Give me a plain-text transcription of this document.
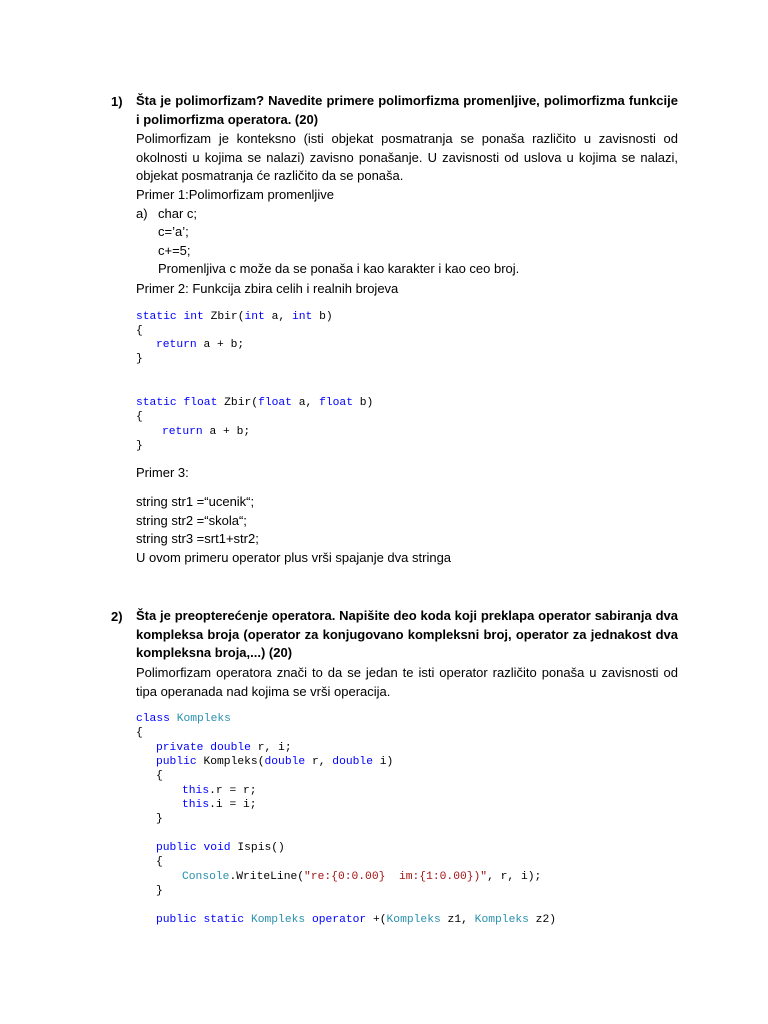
1) Šta je polimorfizam? Navedite primere polimorfizma promenljive, polimorfizma funkcije i polimorfizma operatora. (20)
Polimorfizam je konteksno (isti objekat posmatranja se ponaša različito u zavisnosti od okolnosti u kojima se nalazi) zavisno ponašanje. U zavisnosti od uslova u kojima se nalazi, objekat posmatranja će različito da se ponaša.
Primer 1:Polimorfizam promenljive
a) char c;
c=’a’;
c+=5;
Promenljiva c može da se ponaša i kao karakter i kao ceo broj.
Primer 2: Funkcija zbira celih i realnih brojeva
static int Zbir(int a, int b)
{
return a + b;
}
static float Zbir(float a, float b)
{
return a + b;
}
Primer 3:
string str1 =“ucenik“;
string str2 =“skola“;
string str3 =srt1+str2;
U ovom primeru operator plus vrši spajanje dva stringa
2) Šta je preopterećenje operatora. Napišite deo koda koji preklapa operator sabiranja dva kompleksa broja (operator za konjugovano kompleksni broj, operator za jednakost dva kompleksna broja,...) (20)
Polimorfizam operatora znači to da se jedan te isti operator različito ponaša u zavisnosti od tipa operanada nad kojima se vrši operacija.
class Kompleks
{
private double r, i;
public Kompleks(double r, double i)
{
this.r = r;
this.i = i;
}
public void Ispis()
{
Console.WriteLine("re:{0:0.00}  im:{1:0.00})", r, i);
}
public static Kompleks operator +(Kompleks z1, Kompleks z2)
